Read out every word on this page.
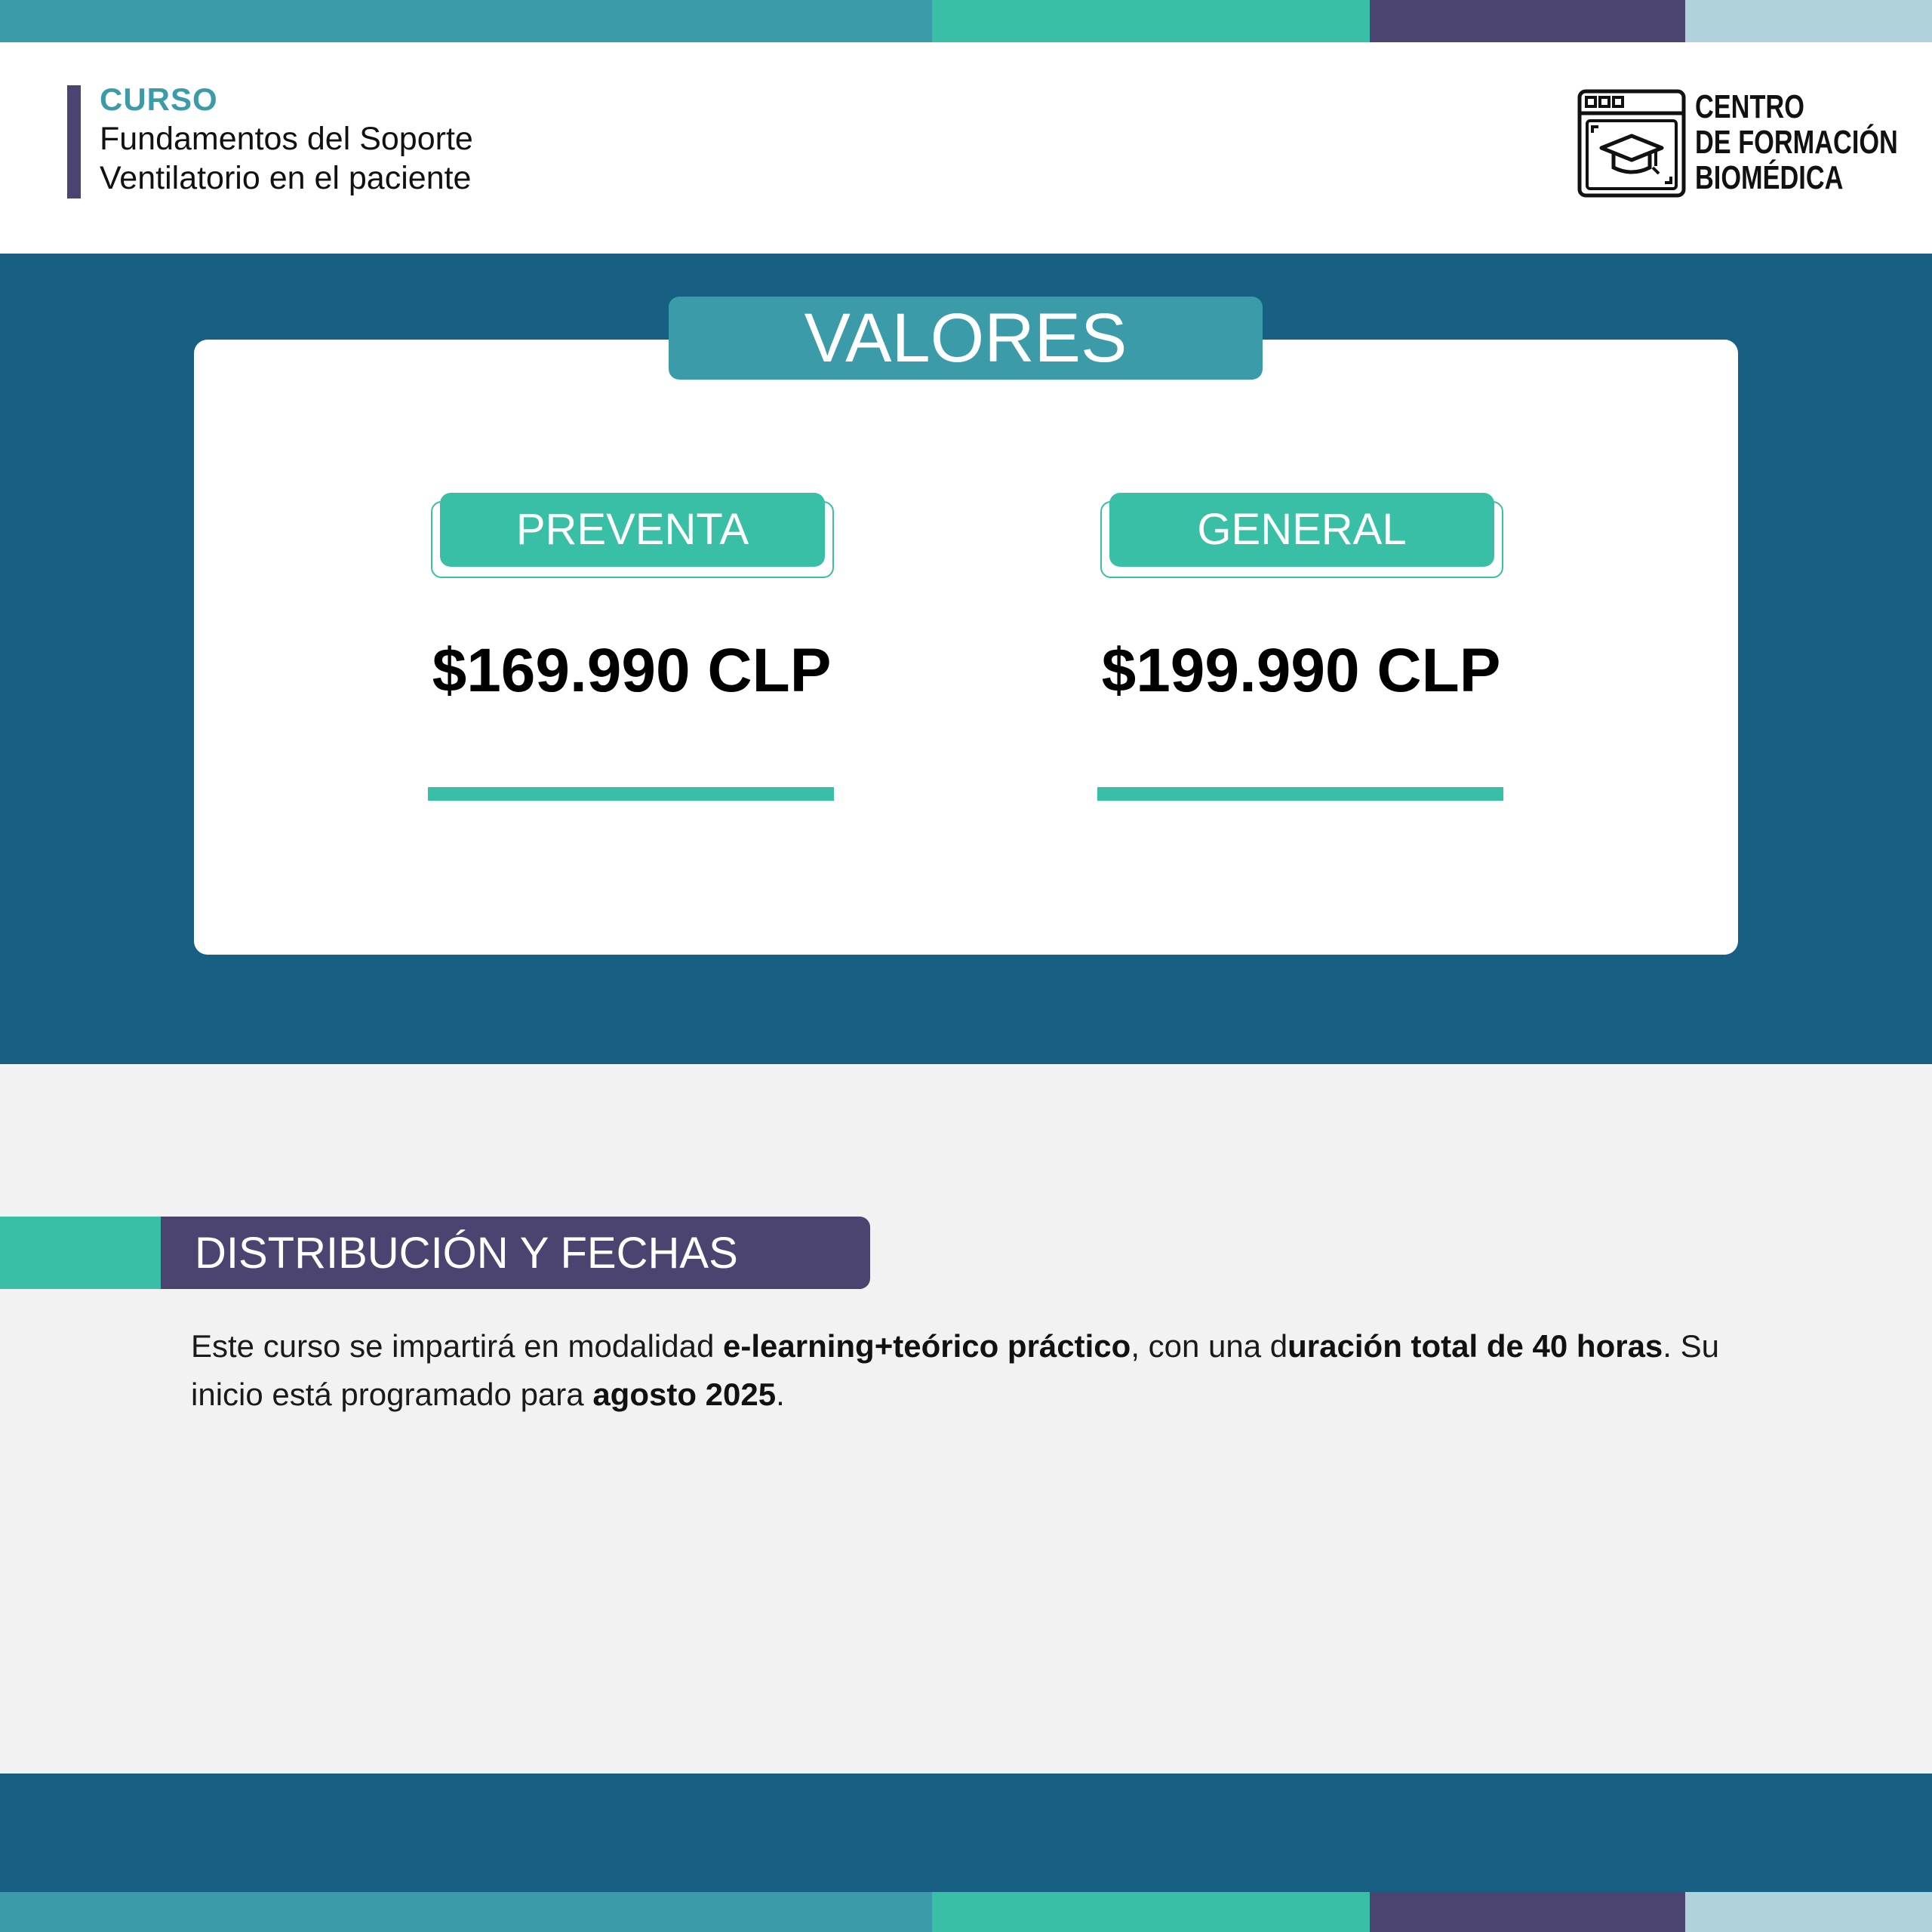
CURSO
Fundamentos del Soporte
Ventilatorio en el paciente
CENTRO
DE FORMACIÓN
BIOMÉDICA
VALORES
PREVENTA
$169.990 CLP
GENERAL
$199.990 CLP
DISTRIBUCIÓN Y FECHAS
Este curso se impartirá en modalidad e-learning+teórico práctico, con una duración total de 40 horas. Su inicio está programado para agosto 2025.
